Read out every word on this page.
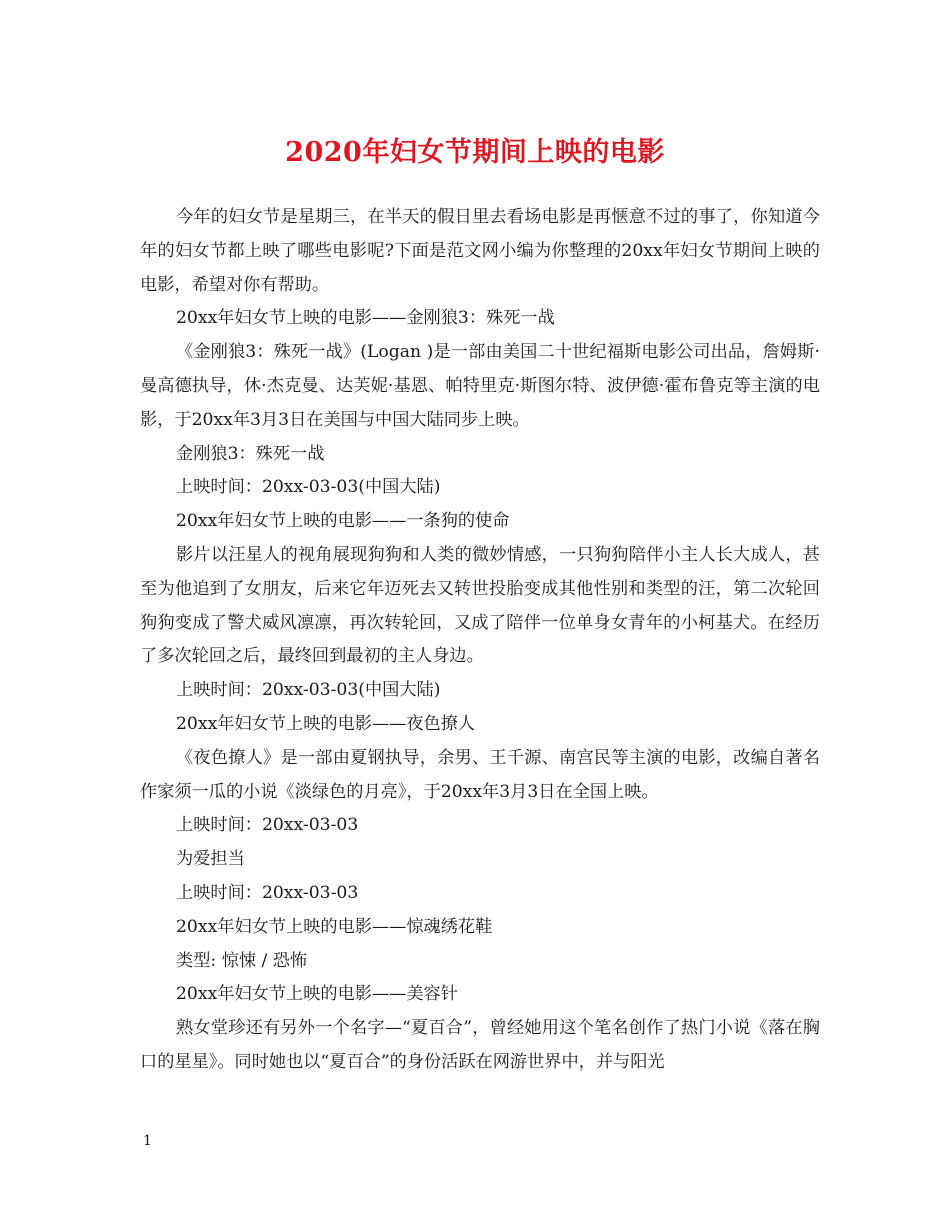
2020年妇女节期间上映的电影

今年的妇女节是星期三，在半天的假日里去看场电影是再惬意不过的事了，你知道今年的妇女节都上映了哪些电影呢?下面是范文网小编为你整理的20xx年妇女节期间上映的电影，希望对你有帮助。

20xx年妇女节上映的电影——金刚狼3：殊死一战

《金刚狼3：殊死一战》(Logan )是一部由美国二十世纪福斯电影公司出品，詹姆斯·曼高德执导，休·杰克曼、达芙妮·基恩、帕特里克·斯图尔特、波伊德·霍布鲁克等主演的电影，于20xx年3月3日在美国与中国大陆同步上映。

金刚狼3：殊死一战

上映时间：20xx-03-03(中国大陆)

20xx年妇女节上映的电影——一条狗的使命

影片以汪星人的视角展现狗狗和人类的微妙情感，一只狗狗陪伴小主人长大成人，甚至为他追到了女朋友，后来它年迈死去又转世投胎变成其他性别和类型的汪，第二次轮回狗狗变成了警犬威风凛凛，再次转轮回，又成了陪伴一位单身女青年的小柯基犬。在经历了多次轮回之后，最终回到最初的主人身边。

上映时间：20xx-03-03(中国大陆)

20xx年妇女节上映的电影——夜色撩人

《夜色撩人》是一部由夏钢执导，余男、王千源、南宫民等主演的电影，改编自著名作家须一瓜的小说《淡绿色的月亮》，于20xx年3月3日在全国上映。

上映时间：20xx-03-03

为爱担当

上映时间：20xx-03-03

20xx年妇女节上映的电影——惊魂绣花鞋

类型: 惊悚 / 恐怖

20xx年妇女节上映的电影——美容针

熟女堂珍还有另外一个名字—“夏百合”，曾经她用这个笔名创作了热门小说《落在胸口的星星》。同时她也以“夏百合”的身份活跃在网游世界中，并与阳光

1
